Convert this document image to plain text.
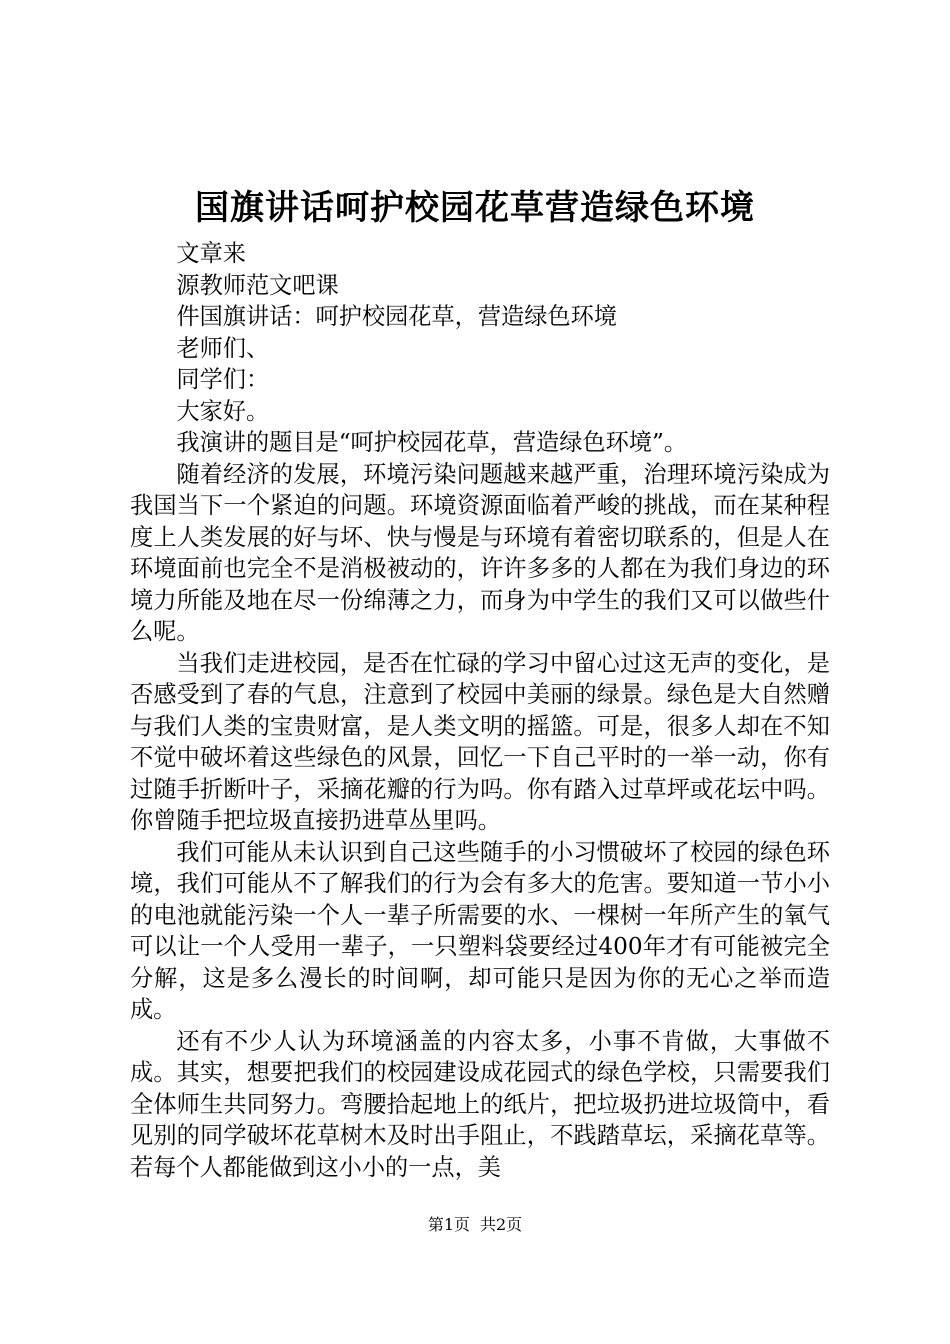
国旗讲话呵护校园花草营造绿色环境

文章来

源教师范文吧课

件国旗讲话：呵护校园花草，营造绿色环境

老师们、

同学们：

大家好。

我演讲的题目是“呵护校园花草，营造绿色环境”。

随着经济的发展，环境污染问题越来越严重，治理环境污染成为我国当下一个紧迫的问题。环境资源面临着严峻的挑战，而在某种程度上人类发展的好与坏、快与慢是与环境有着密切联系的，但是人在环境面前也完全不是消极被动的，许许多多的人都在为我们身边的环境力所能及地在尽一份绵薄之力，而身为中学生的我们又可以做些什么呢。

当我们走进校园，是否在忙碌的学习中留心过这无声的变化，是否感受到了春的气息，注意到了校园中美丽的绿景。绿色是大自然赠与我们人类的宝贵财富，是人类文明的摇篮。可是，很多人却在不知不觉中破坏着这些绿色的风景，回忆一下自己平时的一举一动，你有过随手折断叶子，采摘花瓣的行为吗。你有踏入过草坪或花坛中吗。你曾随手把垃圾直接扔进草丛里吗。

我们可能从未认识到自己这些随手的小习惯破坏了校园的绿色环境，我们可能从不了解我们的行为会有多大的危害。要知道一节小小的电池就能污染一个人一辈子所需要的水、一棵树一年所产生的氧气可以让一个人受用一辈子，一只塑料袋要经过400年才有可能被完全分解，这是多么漫长的时间啊，却可能只是因为你的无心之举而造成。

还有不少人认为环境涵盖的内容太多，小事不肯做，大事做不成。其实，想要把我们的校园建设成花园式的绿色学校，只需要我们全体师生共同努力。弯腰拾起地上的纸片，把垃圾扔进垃圾筒中，看见别的同学破坏花草树木及时出手阻止，不践踏草坛，采摘花草等。若每个人都能做到这小小的一点，美

第1页 共2页
